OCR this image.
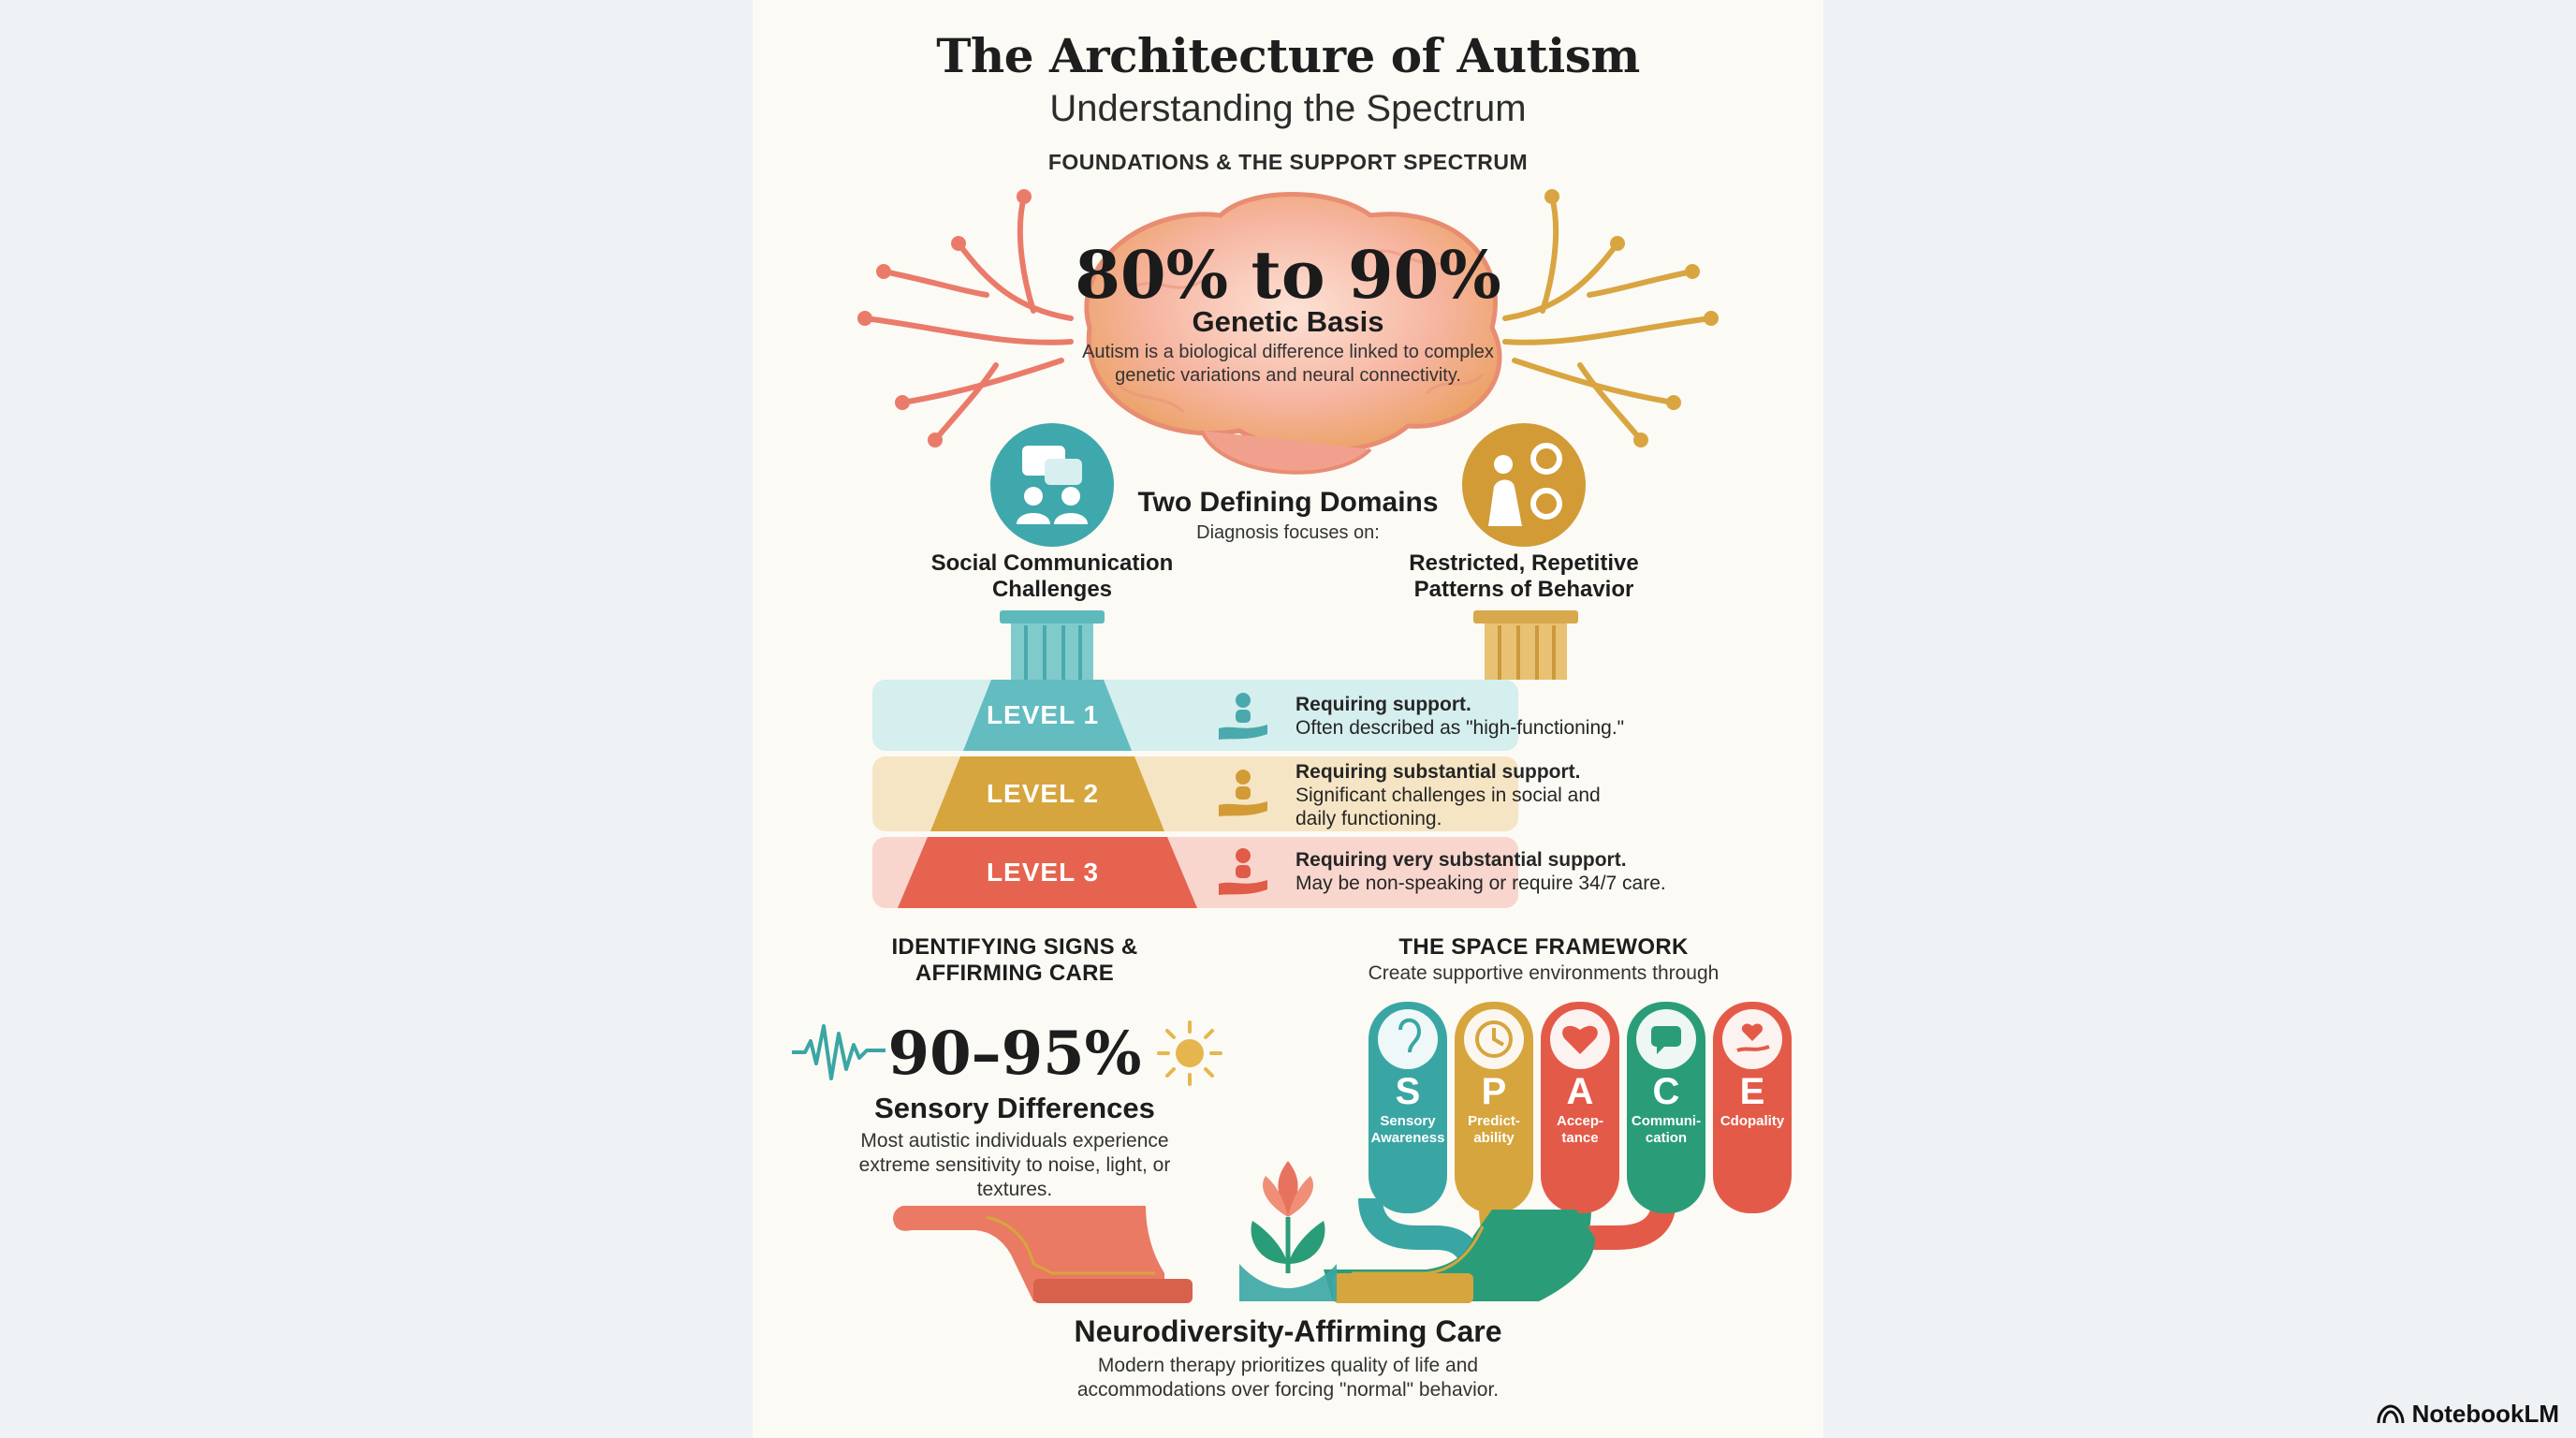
The Architecture of Autism
Understanding the Spectrum
FOUNDATIONS & THE SUPPORT SPECTRUM
80% to 90%
Genetic Basis
Autism is a biological difference linked to complex genetic variations and neural connectivity.
Two Defining Domains
Diagnosis focuses on:
Social Communication Challenges
Restricted, Repetitive Patterns of Behavior
LEVEL 1
LEVEL 2
LEVEL 3
Requiring support.
Often described as "high-functioning."
Requiring substantial support.
Significant challenges in social and daily functioning.
Requiring very substantial support.
May be non-speaking or require 34/7 care.
IDENTIFYING SIGNS & AFFIRMING CARE
90–95%
Sensory Differences
Most autistic individuals experience extreme sensitivity to noise, light, or textures.
THE SPACE FRAMEWORK
Create supportive environments through
S
Sensory Awareness
P
Predict-ability
A
Accep-tance
C
Communi-cation
E
Cdopality
Neurodiversity-Affirming Care
Modern therapy prioritizes quality of life and accommodations over forcing "normal" behavior.
NotebookLM
